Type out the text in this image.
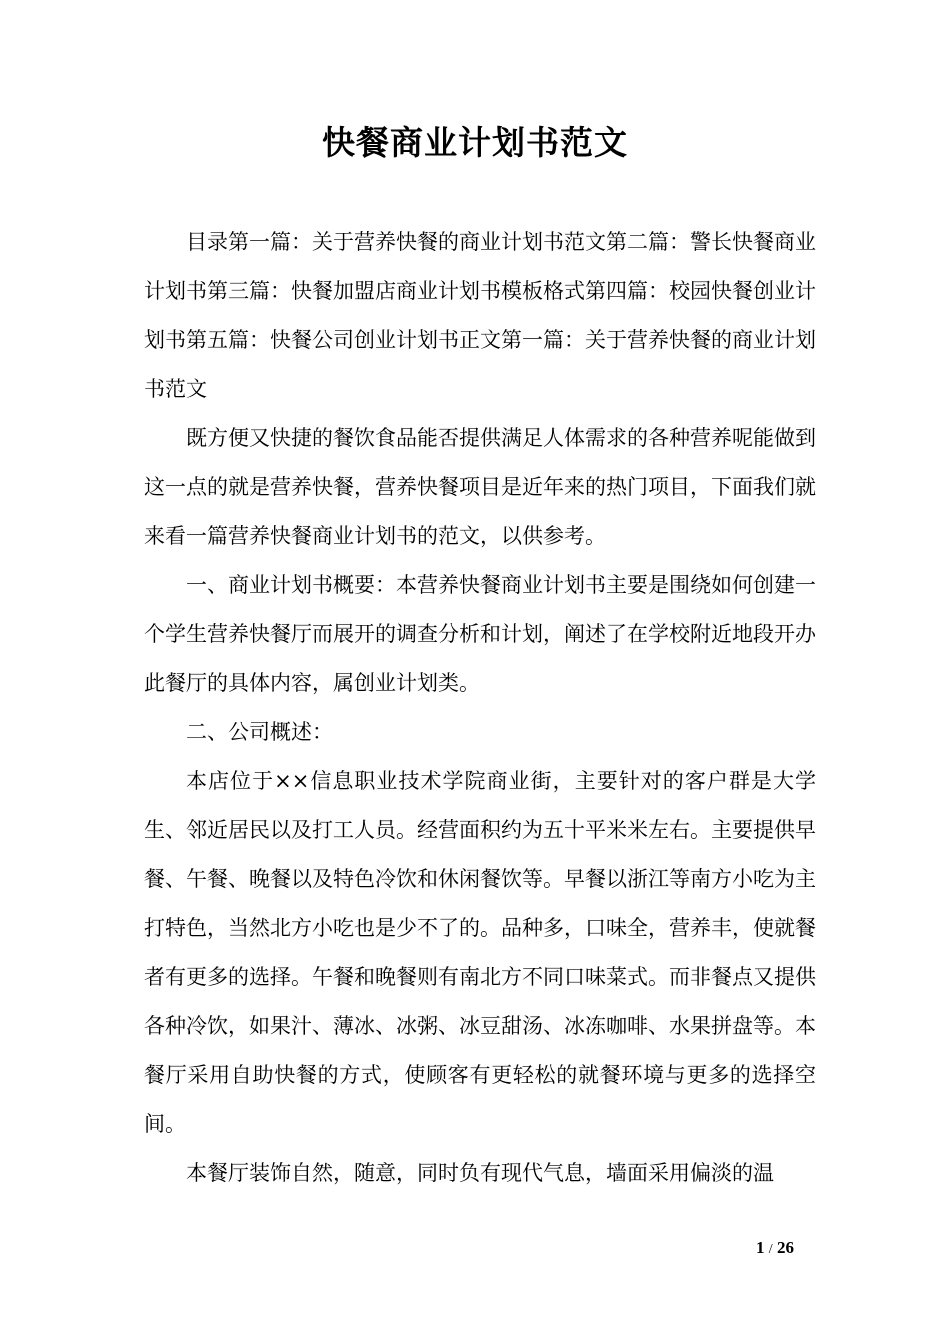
快餐商业计划书范文

目录第一篇：关于营养快餐的商业计划书范文第二篇：警长快餐商业计划书第三篇：快餐加盟店商业计划书模板格式第四篇：校园快餐创业计划书第五篇：快餐公司创业计划书正文第一篇：关于营养快餐的商业计划书范文

既方便又快捷的餐饮食品能否提供满足人体需求的各种营养呢能做到这一点的就是营养快餐，营养快餐项目是近年来的热门项目，下面我们就来看一篇营养快餐商业计划书的范文，以供参考。

一、商业计划书概要：本营养快餐商业计划书主要是围绕如何创建一个学生营养快餐厅而展开的调查分析和计划，阐述了在学校附近地段开办此餐厅的具体内容，属创业计划类。

二、公司概述：

本店位于××信息职业技术学院商业街，主要针对的客户群是大学生、邻近居民以及打工人员。经营面积约为五十平米米左右。主要提供早餐、午餐、晚餐以及特色冷饮和休闲餐饮等。早餐以浙江等南方小吃为主打特色，当然北方小吃也是少不了的。品种多，口味全，营养丰，使就餐者有更多的选择。午餐和晚餐则有南北方不同口味菜式。而非餐点又提供各种冷饮，如果汁、薄冰、冰粥、冰豆甜汤、冰冻咖啡、水果拼盘等。本餐厅采用自助快餐的方式，使顾客有更轻松的就餐环境与更多的选择空间。

本餐厅装饰自然，随意，同时负有现代气息，墙面采用偏淡的温

1 / 26
